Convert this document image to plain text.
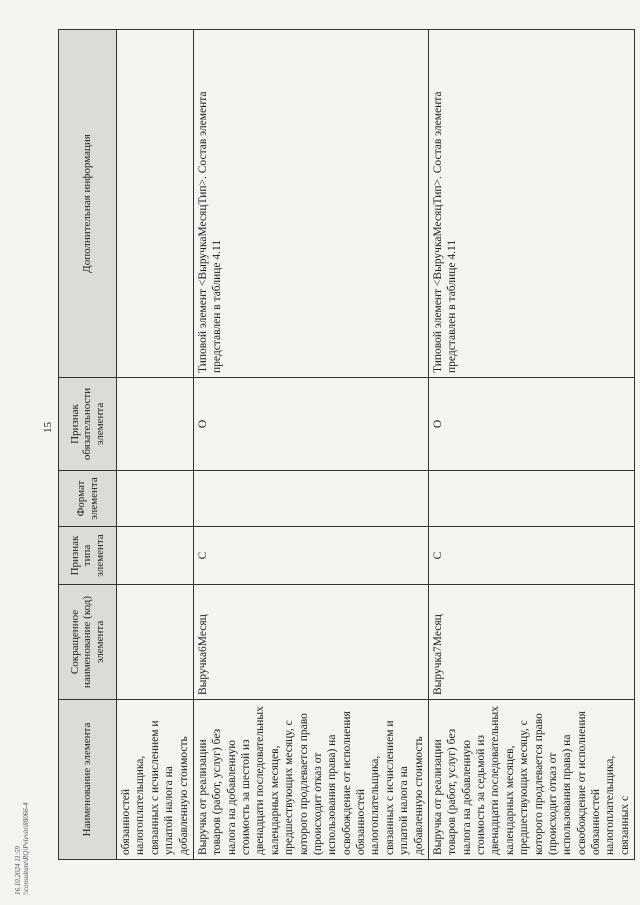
15
Наименование элемента	Сокращенное наименование (код) элемента	Признак типа элемента	Формат элемента	Признак обязательности элемента	Дополнительная информация
обязанностей налогоплательщика, связанных с исчислением и уплатой налога на добавленную стоимость					
Выручка от реализации товаров (работ, услуг) без налога на добавленную стоимость за шестой из двенадцати последовательных календарных месяцев, предшествующих месяцу, с которого продлевается право (происходит отказ от использования права) на освобождение от исполнения обязанностей налогоплательщика, связанных с исчислением и уплатой налога на добавленную стоимость	Выручка6Месяц	С		О	Типовой элемент <ВыручкаМесяцТип>. Состав элемента представлен в таблице 4.11
Выручка от реализации товаров (работ, услуг) без налога на добавленную стоимость за седьмой из двенадцати последовательных календарных месяцев, предшествующих месяцу, с которого продлевается право (происходит отказ от использования права) на освобождение от исполнения обязанностей налогоплательщика, связанных с	Выручка7Месяц	С		О	Типовой элемент <ВыручкаМесяцТип>. Состав элемента представлен в таблице 4.11
16.10.2024 11:59 \\consultant\RQ\Pvlevin\88066-4
